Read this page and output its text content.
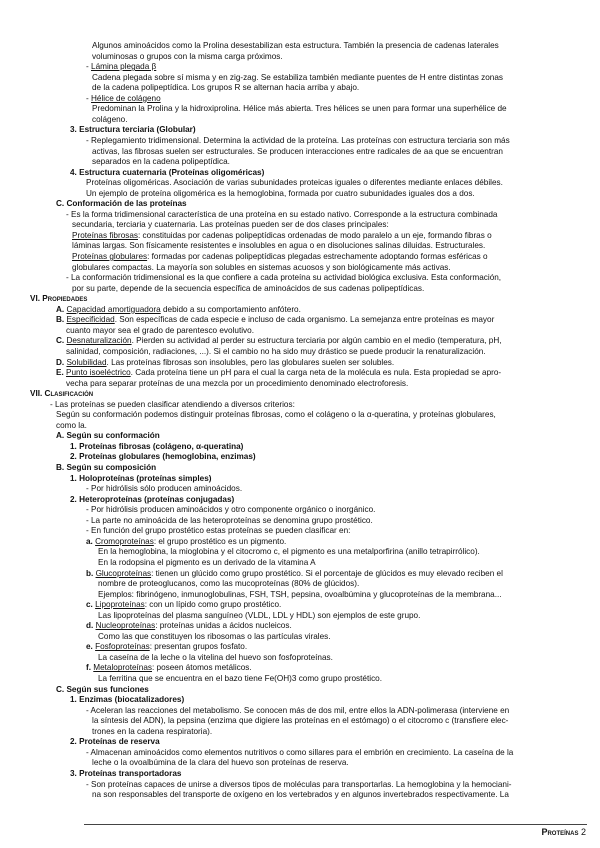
Algunos aminoácidos como la Prolina desestabilizan esta estructura. También la presencia de cadenas laterales
voluminosas o grupos con la misma carga próximos.
- Lámina plegada β
Cadena plegada sobre sí misma y en zig-zag. Se estabiliza también mediante puentes de H entre distintas zonas
de la cadena polipeptídica. Los grupos R se alternan hacia arriba y abajo.
- Hélice de colágeno
Predominan la Prolina y la hidroxiprolina. Hélice más abierta. Tres hélices se unen para formar una superhélice de
colágeno.
3. Estructura terciaria (Globular)
- Replegamiento tridimensional. Determina la actividad de la proteína. Las proteínas con estructura terciaria son más
activas, las fibrosas suelen ser estructurales. Se producen interacciones entre radicales de aa que se encuentran
separados en la cadena polipeptídica.
4. Estructura cuaternaria (Proteínas oligoméricas)
Proteínas oligoméricas. Asociación de varias subunidades proteicas iguales o diferentes mediante enlaces débiles.
Un ejemplo de proteína oligomérica es la hemoglobina, formada por cuatro subunidades iguales dos a dos.
C. Conformación de las proteínas
- Es la forma tridimensional característica de una proteína en su estado nativo. Corresponde a la estructura combinada
secundaria, terciaria y cuaternaria. Las proteínas pueden ser de dos clases principales:
Proteínas fibrosas: constituidas por cadenas polipeptídicas ordenadas de modo paralelo a un eje, formando fibras o
láminas largas. Son físicamente resistentes e insolubles en agua o en disoluciones salinas diluidas. Estructurales.
Proteínas globulares: formadas por cadenas polipeptídicas plegadas estrechamente adoptando formas esféricas o
globulares compactas. La mayoría son solubles en sistemas acuosos y son biológicamente más activas.
- La conformación tridimensional es la que confiere a cada proteína su actividad biológica exclusiva. Esta conformación,
por su parte, depende de la secuencia específica de aminoácidos de sus cadenas polipeptídicas.
VI. Propiedades
A. Capacidad amortiguadora debido a su comportamiento anfótero.
B. Especificidad. Son específicas de cada especie e incluso de cada organismo. La semejanza entre proteínas es mayor
cuanto mayor sea el grado de parentesco evolutivo.
C. Desnaturalización. Pierden su actividad al perder su estructura terciaria por algún cambio en el medio (temperatura, pH,
salinidad, composición, radiaciones, ...). Si el cambio no ha sido muy drástico se puede producir la renaturalización.
D. Solubilidad. Las proteínas fibrosas son insolubles, pero las globulares suelen ser solubles.
E. Punto isoeléctrico. Cada proteína tiene un pH para el cual la carga neta de la molécula es nula. Esta propiedad se apro-
vecha para separar proteínas de una mezcla por un procedimiento denominado electroforesis.
VII. Clasificación
- Las proteínas se pueden clasificar atendiendo a diversos criterios:
Según su conformación podemos distinguir proteínas fibrosas, como el colágeno o la α-queratina, y proteínas globulares,
como la.
A. Según su conformación
1. Proteínas fibrosas (colágeno, α-queratina)
2. Proteínas globulares (hemoglobina, enzimas)
B. Según su composición
1. Holoproteínas (proteínas simples)
- Por hidrólisis sólo producen aminoácidos.
2. Heteroproteínas (proteínas conjugadas)
- Por hidrólisis producen aminoácidos y otro componente orgánico o inorgánico.
- La parte no aminoácida de las heteroproteínas se denomina grupo prostético.
- En función del grupo prostético estas proteínas se pueden clasificar en:
a. Cromoproteínas: el grupo prostético es un pigmento.
En la hemoglobina, la mioglobina y el citocromo c, el pigmento es una metalporfirina (anillo tetrapirrólico).
En la rodopsina el pigmento es un derivado de la vitamina A
b. Glucoproteínas: tienen un glúcido como grupo prostético. Si el porcentaje de glúcidos es muy elevado reciben el
nombre de proteoglucanos, como las mucoproteínas (80% de glúcidos).
Ejemplos: fibrinógeno, inmunoglobulinas, FSH, TSH, pepsina, ovoalbúmina y glucoproteínas de la membrana...
c. Lipoproteínas: con un lípido como grupo prostético.
Las lipoproteínas del plasma sanguíneo (VLDL, LDL y HDL) son ejemplos de este grupo.
d. Nucleoproteínas: proteínas unidas a ácidos nucleicos.
Como las que constituyen los ribosomas o las partículas virales.
e. Fosfoproteínas: presentan grupos fosfato.
La caseína de la leche o la vitelina del huevo son fosfoproteínas.
f. Metaloproteínas: poseen átomos metálicos.
La ferritina que se encuentra en el bazo tiene Fe(OH)3 como grupo prostético.
C. Según sus funciones
1. Enzimas (biocatalizadores)
- Aceleran las reacciones del metabolismo. Se conocen más de dos mil, entre ellos la ADN-polimerasa (interviene en
la síntesis del ADN), la pepsina (enzima que digiere las proteínas en el estómago) o el citocromo c (transfiere elec-
trones en la cadena respiratoria).
2. Proteínas de reserva
- Almacenan aminoácidos como elementos nutritivos o como sillares para el embrión en crecimiento. La caseína de la
leche o la ovoalbúmina de la clara del huevo son proteínas de reserva.
3. Proteínas transportadoras
- Son proteínas capaces de unirse a diversos tipos de moléculas para transportarlas. La hemoglobina y la hemociani-
na son responsables del transporte de oxígeno en los vertebrados y en algunos invertebrados respectivamente. La
Proteínas 2
